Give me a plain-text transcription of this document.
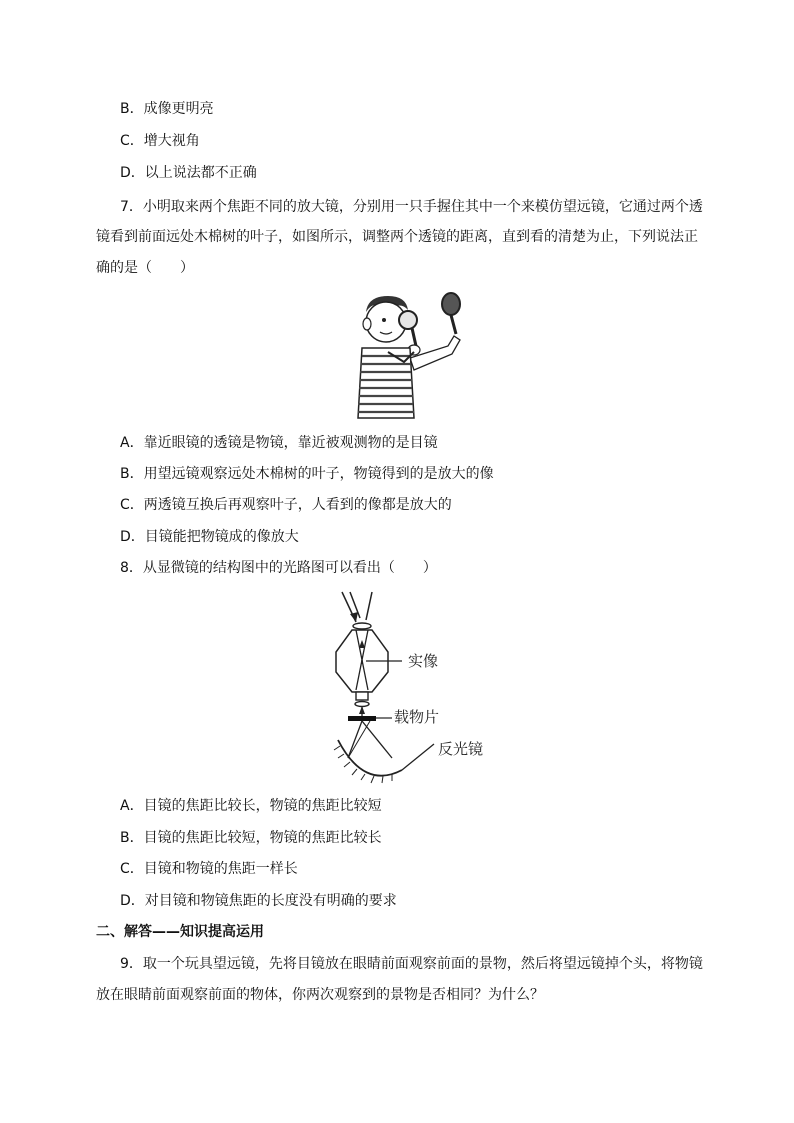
B．成像更明亮
C．增大视角
D．以上说法都不正确
7．小明取来两个焦距不同的放大镜，分别用一只手握住其中一个来模仿望远镜，它通过两个透
镜看到前面远处木棉树的叶子，如图所示，调整两个透镜的距离，直到看的清楚为止，下列说法正
确的是（　　）
A．靠近眼镜的透镜是物镜，靠近被观测物的是目镜
B．用望远镜观察远处木棉树的叶子，物镜得到的是放大的像
C．两透镜互换后再观察叶子，人看到的像都是放大的
D．目镜能把物镜成的像放大
8．从显微镜的结构图中的光路图可以看出（　　）
实像
载物片
反光镜
A．目镜的焦距比较长，物镜的焦距比较短
B．目镜的焦距比较短，物镜的焦距比较长
C．目镜和物镜的焦距一样长
D．对目镜和物镜焦距的长度没有明确的要求
二、解答——知识提高运用
9．取一个玩具望远镜，先将目镜放在眼睛前面观察前面的景物，然后将望远镜掉个头，将物镜
放在眼睛前面观察前面的物体，你两次观察到的景物是否相同？为什么？
